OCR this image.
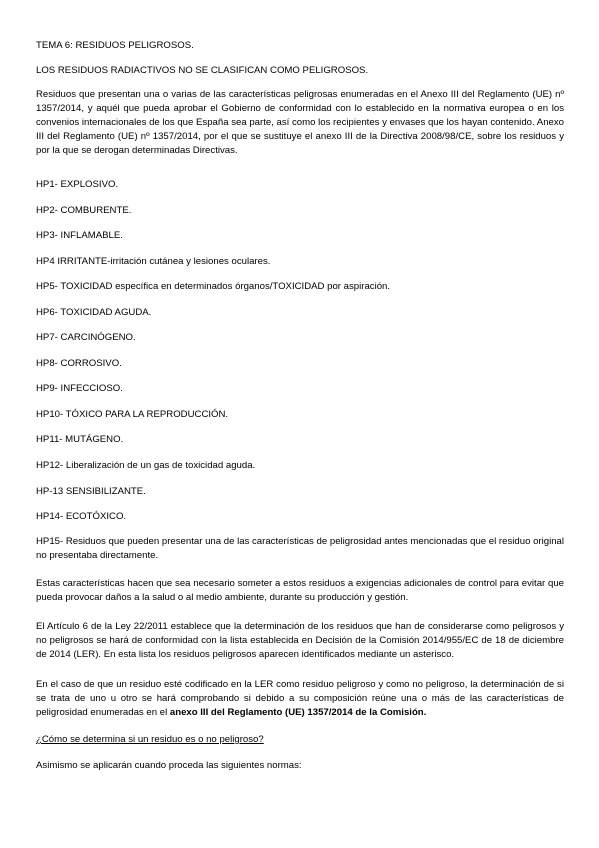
TEMA 6: RESIDUOS PELIGROSOS.
LOS RESIDUOS RADIACTIVOS NO SE CLASIFICAN COMO PELIGROSOS.
Residuos que presentan una o varias de las características peligrosas enumeradas en el Anexo III del Reglamento (UE) nº 1357/2014, y aquél que pueda aprobar el Gobierno de conformidad con lo establecido en la normativa europea o en los convenios internacionales de los que España sea parte, así como los recipientes y envases que los hayan contenido. Anexo III del Reglamento (UE) nº 1357/2014, por el que se sustituye el anexo III de la Directiva 2008/98/CE, sobre los residuos y por la que se derogan determinadas Directivas.
HP1- EXPLOSIVO.
HP2- COMBURENTE.
HP3- INFLAMABLE.
HP4 IRRITANTE-irritación cutánea y lesiones oculares.
HP5- TOXICIDAD específica en determinados órganos/TOXICIDAD por aspiración.
HP6- TOXICIDAD AGUDA.
HP7- CARCINÓGENO.
HP8- CORROSIVO.
HP9- INFECCIOSO.
HP10- TÓXICO PARA LA REPRODUCCIÓN.
HP11- MUTÁGENO.
HP12- Liberalización de un gas de toxicidad aguda.
HP-13 SENSIBILIZANTE.
HP14- ECOTÓXICO.
HP15- Residuos que pueden presentar una de las características de peligrosidad antes mencionadas que el residuo original no presentaba directamente.
Estas características hacen que sea necesario someter a estos residuos a exigencias adicionales de control para evitar que pueda provocar daños a la salud o al medio ambiente, durante su producción y gestión.
El Artículo 6 de la Ley 22/2011 establece que la determinación de los residuos que han de considerarse como peligrosos y no peligrosos se hará de conformidad con la lista establecida en Decisión de la Comisión 2014/955/EC de 18 de diciembre de 2014 (LER). En esta lista los residuos peligrosos aparecen identificados mediante un asterisco.
En el caso de que un residuo esté codificado en la LER como residuo peligroso y como no peligroso, la determinación de si se trata de uno u otro se hará comprobando si debido a su composición reúne una o más de las características de peligrosidad enumeradas en el anexo III del Reglamento (UE) 1357/2014 de la Comisión.
¿Cómo se determina si un residuo es o no peligroso?
Asimismo se aplicarán cuando proceda las siguientes normas:
